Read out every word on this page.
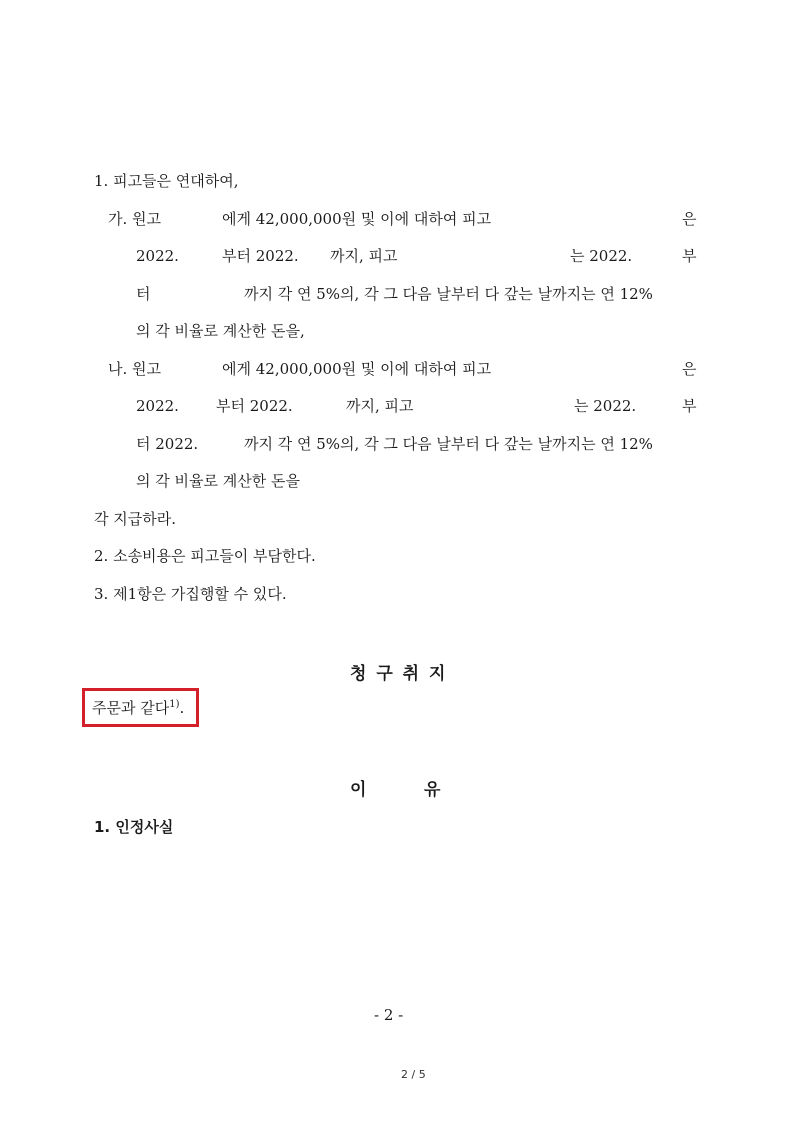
1. 피고들은 연대하여,
가. 원고	에게 42,000,000원 및 이에 대하여 피고	은
2022.	부터 2022. 까지, 피고	는 2022.	부
터	까지 각 연 5%의, 각 그 다음 날부터 다 갚는 날까지는 연 12%
의 각 비율로 계산한 돈을,
나. 원고	에게 42,000,000원 및 이에 대하여 피고	은
2022. 부터 2022.	까지, 피고	는 2022.	부
터 2022.	까지 각 연 5%의, 각 그 다음 날부터 다 갚는 날까지는 연 12%
의 각 비율로 계산한 돈을
각 지급하라.
2. 소송비용은 피고들이 부담한다.
3. 제1항은 가집행할 수 있다.
청 구 취 지
주문과 같다$^{1)}$.
이	유
1. 인정사실
- 2 -
2 / 5
